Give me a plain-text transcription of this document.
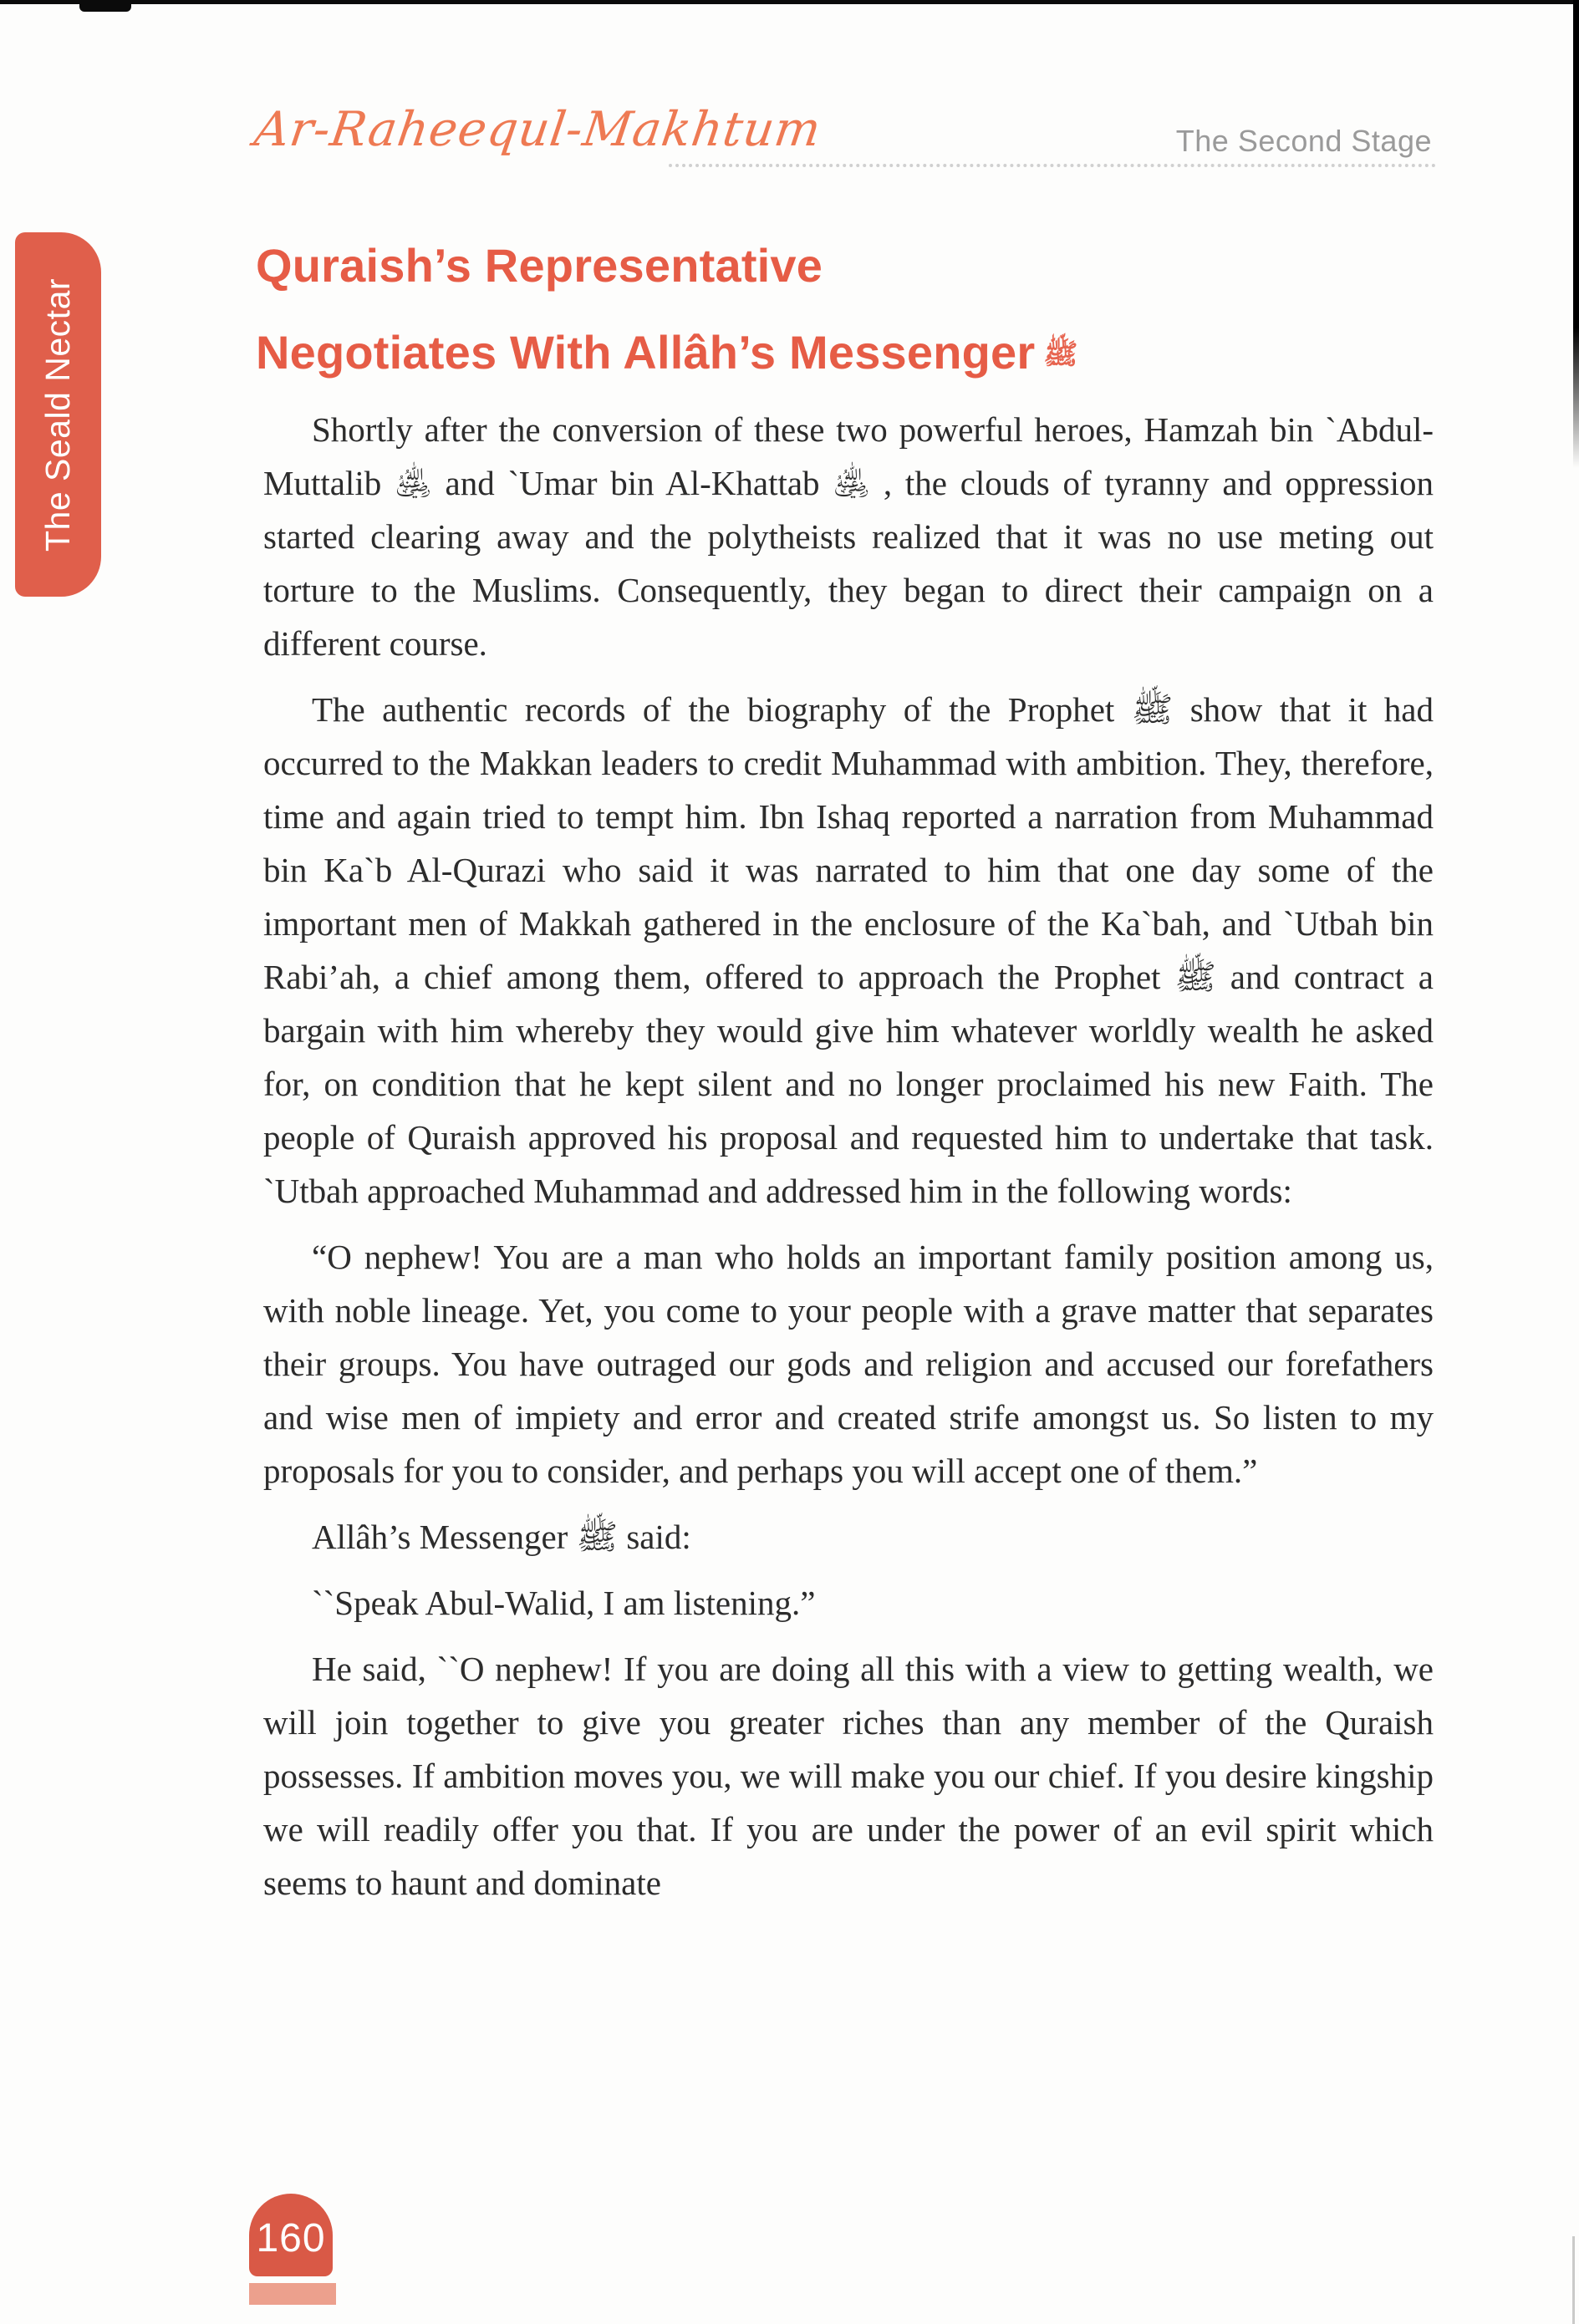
Ar-Raheequl-Makhtum	The Second Stage
The Seald Nectar
Quraish’s Representative
Negotiates With Allâh’s Messenger ﷺ

Shortly after the conversion of these two powerful heroes, Hamzah bin `Abdul-Muttalib ﵁ and `Umar bin Al-Khattab ﵁ , the clouds of tyranny and oppression started clearing away and the polytheists realized that it was no use meting out torture to the Muslims. Consequently, they began to direct their campaign on a different course.

The authentic records of the biography of the Prophet ﷺ show that it had occurred to the Makkan leaders to credit Muhammad with ambition. They, therefore, time and again tried to tempt him. Ibn Ishaq reported a narration from Muhammad bin Ka`b Al-Qurazi who said it was narrated to him that one day some of the important men of Makkah gathered in the enclosure of the Ka`bah, and `Utbah bin Rabi’ah, a chief among them, offered to approach the Prophet ﷺ and contract a bargain with him whereby they would give him whatever worldly wealth he asked for, on condition that he kept silent and no longer proclaimed his new Faith. The people of Quraish approved his proposal and requested him to undertake that task. `Utbah approached Muhammad and addressed him in the following words:

“O nephew! You are a man who holds an important family position among us, with noble lineage. Yet, you come to your people with a grave matter that separates their groups. You have outraged our gods and religion and accused our forefathers and wise men of impiety and error and created strife amongst us. So listen to my proposals for you to consider, and perhaps you will accept one of them.”

Allâh’s Messenger ﷺ said:

``Speak Abul-Walid, I am listening.”

He said, ``O nephew! If you are doing all this with a view to getting wealth, we will join together to give you greater riches than any member of the Quraish possesses. If ambition moves you, we will make you our chief. If you desire kingship we will readily offer you that. If you are under the power of an evil spirit which seems to haunt and dominate

160
